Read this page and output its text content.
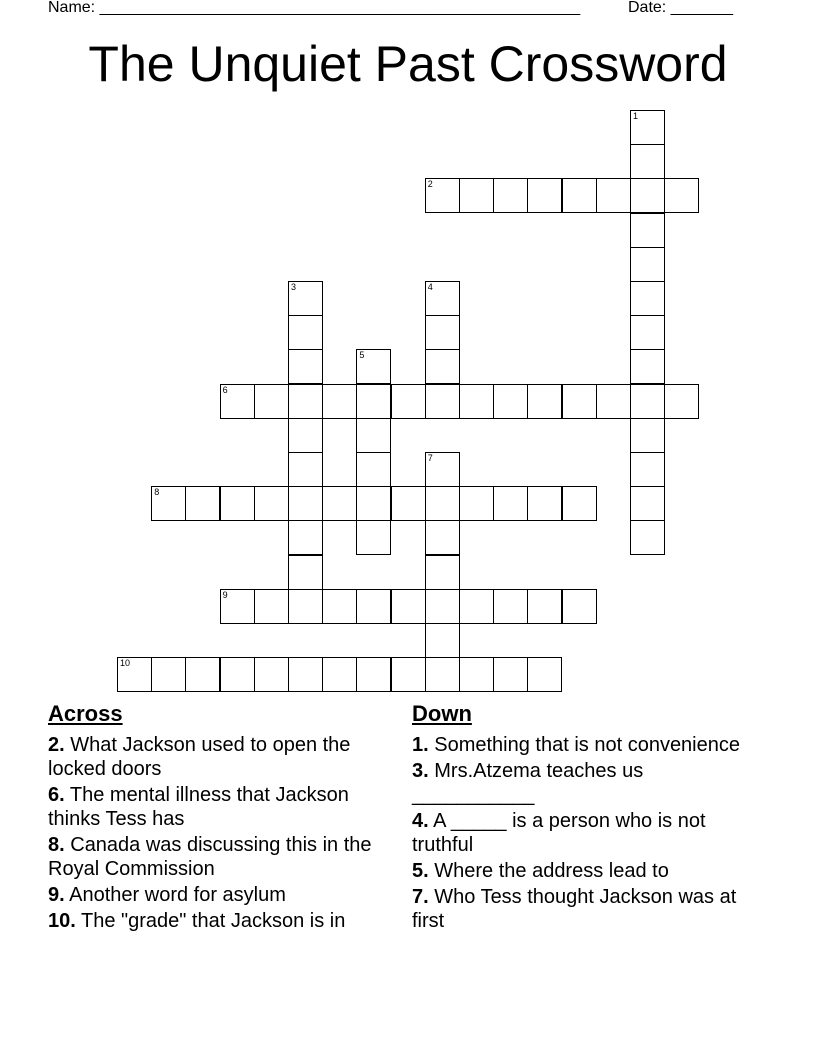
Name: ______________________________________________________	Date: _______
The Unquiet Past Crossword
1
2
3	4
5
6
7
8
9
10
Across
2. What Jackson used to open the locked doors
6. The mental illness that Jackson thinks Tess has
8. Canada was discussing this in the Royal Commission
9. Another word for asylum
10. The "grade" that Jackson is in
Down
1. Something that is not convenience
3. Mrs.Atzema teaches us ___________
4. A _____ is a person who is not truthful
5. Where the address lead to
7. Who Tess thought Jackson was at first
